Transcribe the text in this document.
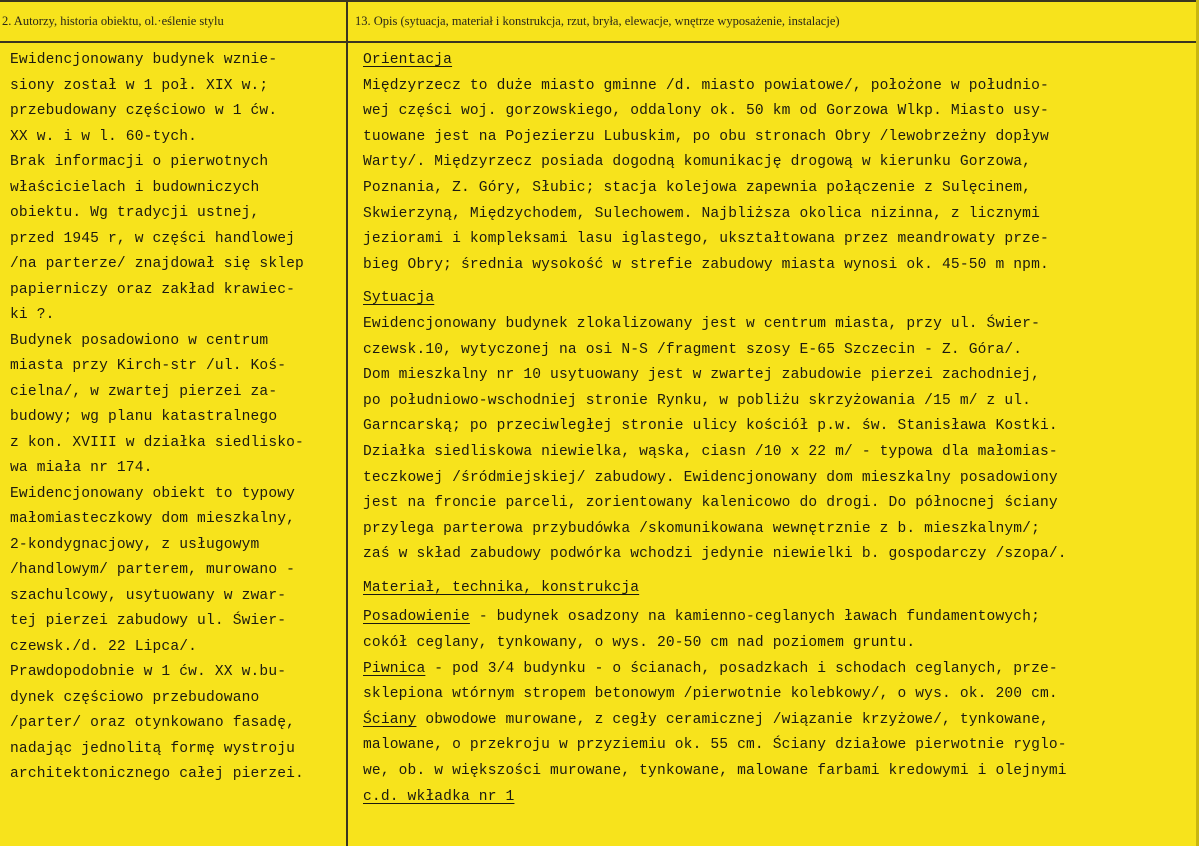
2. Autorzy, historia obiektu, ol.·eślenie stylu	13. Opis (sytuacja, materiał i konstrukcja, rzut, bryła, elewacje, wnętrze wyposażenie, instalacje)
Ewidencjonowany budynek wznie-
siony został w 1 poł. XIX w.;
przebudowany częściowo w 1 ćw.
XX w. i w l. 60-tych.
Brak informacji o pierwotnych
właścicielach i budowniczych
obiektu. Wg tradycji ustnej,
przed 1945 r, w części handlowej
/na parterze/ znajdował się sklep
papierniczy oraz zakład krawiec-
ki ?.
Budynek posadowiono w centrum
miasta przy Kirch-str /ul. Koś-
cielna/, w zwartej pierzei za-
budowy; wg planu katastralnego
z kon. XVIII w działka siedlisko-
wa miała nr 174.
Ewidencjonowany obiekt to typowy
małomiasteczkowy dom mieszkalny,
2-kondygnacjowy, z usługowym
/handlowym/ parterem, murowano -
szachulcowy, usytuowany w zwar-
tej pierzei zabudowy ul. Świer-
czewsk./d. 22 Lipca/.
Prawdopodobnie w 1 ćw. XX w.bu-
dynek częściowo przebudowano
/parter/ oraz otynkowano fasadę,
nadając jednolitą formę wystroju
architektonicznego całej pierzei.
Orientacja
Międzyrzecz to duże miasto gminne /d. miasto powiatowe/, położone w południo-
wej części woj. gorzowskiego, oddalony ok. 50 km od Gorzowa Wlkp. Miasto usy-
tuowane jest na Pojezierzu Lubuskim, po obu stronach Obry /lewobrzeżny dopływ
Warty/. Międzyrzecz posiada dogodną komunikację drogową w kierunku Gorzowa,
Poznania, Z. Góry, Słubic; stacja kolejowa zapewnia połączenie z Sulęcinem,
Skwierzyną, Międzychodem, Sulechowem. Najbliższa okolica nizinna, z licznymi
jeziorami i kompleksami lasu iglastego, ukształtowana przez meandrowaty prze-
bieg Obry; średnia wysokość w strefie zabudowy miasta wynosi ok. 45-50 m npm.
Sytuacja
Ewidencjonowany budynek zlokalizowany jest w centrum miasta, przy ul. Świer-
czewsk.10, wytyczonej na osi N-S /fragment szosy E-65 Szczecin - Z. Góra/.
Dom mieszkalny nr 10 usytuowany jest w zwartej zabudowie pierzei zachodniej,
po południowo-wschodniej stronie Rynku, w pobliżu skrzyżowania /15 m/ z ul.
Garncarską; po przeciwległej stronie ulicy kościół p.w. św. Stanisława Kostki.
Działka siedliskowa niewielka, wąska, ciasn /10 x 22 m/ - typowa dla małomias-
teczkowej /śródmiejskiej/ zabudowy. Ewidencjonowany dom mieszkalny posadowiony
jest na froncie parceli, zorientowany kalenicowo do drogi. Do północnej ściany
przylega parterowa przybudówka /skomunikowana wewnętrznie z b. mieszkalnym/;
zaś w skład zabudowy podwórka wchodzi jedynie niewielki b. gospodarczy /szopa/.
Materiał, technika, konstrukcja
Posadowienie - budynek osadzony na kamienno-ceglanych ławach fundamentowych;
cokół ceglany, tynkowany, o wys. 20-50 cm nad poziomem gruntu.
Piwnica - pod 3/4 budynku - o ścianach, posadzkach i schodach ceglanych, prze-
sklepiona wtórnym stropem betonowym /pierwotnie kolebkowy/, o wys. ok. 200 cm.
Ściany obwodowe murowane, z cegły ceramicznej /wiązanie krzyżowe/, tynkowane,
malowane, o przekroju w przyziemiu ok. 55 cm. Ściany działowe pierwotnie ryglo-
we, ob. w większości murowane, tynkowane, malowane farbami kredowymi i olejnymi
c.d. wkładka nr 1
